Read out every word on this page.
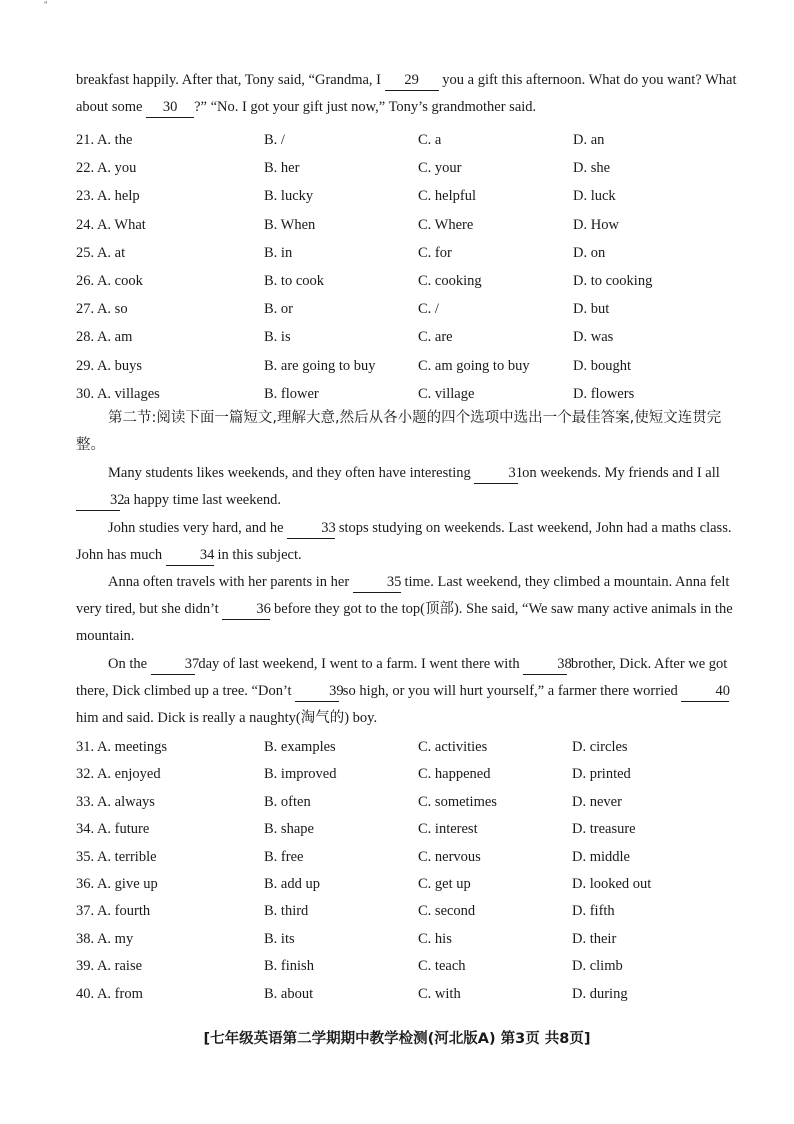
"
breakfast happily. After that, Tony said, “Grandma, I 29 you a gift this afternoon. What do you want? What about some 30 ?” “No. I got your gift just now,” Tony’s grandmother said.
21. A. the	B. /	C. a	D. an
22. A. you	B. her	C. your	D. she
23. A. help	B. lucky	C. helpful	D. luck
24. A. What	B. When	C. Where	D. How
25. A. at	B. in	C. for	D. on
26. A. cook	B. to cook	C. cooking	D. to cooking
27. A. so	B. or	C. /	D. but
28. A. am	B. is	C. are	D. was
29. A. buys	B. are going to buy	C. am going to buy	D. bought
30. A. villages	B. flower	C. village	D. flowers
第二节:阅读下面一篇短文,理解大意,然后从各小题的四个选项中选出一个最佳答案,使短文连贯完整。
Many students likes weekends, and they often have interesting	31 on weekends. My friends and I all 32 a happy time last weekend.
John studies very hard, and he	33 stops studying on weekends. Last weekend, John had a maths class. John has much	34 in this subject.
Anna often travels with her parents in her	35 time. Last weekend, they climbed a mountain. Anna felt very tired, but she didn’t	36 before they got to the top(顶部). She said, “We saw many active animals in the mountain.
On the	37 day of last weekend, I went to a farm. I went there with	38 brother, Dick. After we got there, Dick climbed up a tree. “Don’t	39 so high, or you will hurt yourself,” a farmer there worried	40 him and said. Dick is really a naughty(淘气的) boy.
31. A. meetings	B. examples	C. activities	D. circles
32. A. enjoyed	B. improved	C. happened	D. printed
33. A. always	B. often	C. sometimes	D. never
34. A. future	B. shape	C. interest	D. treasure
35. A. terrible	B. free	C. nervous	D. middle
36. A. give up	B. add up	C. get up	D. looked out
37. A. fourth	B. third	C. second	D. fifth
38. A. my	B. its	C. his	D. their
39. A. raise	B. finish	C. teach	D. climb
40. A. from	B. about	C. with	D. during
[七年级英语第二学期期中教学检测(河北版A) 第3页 共8页]
